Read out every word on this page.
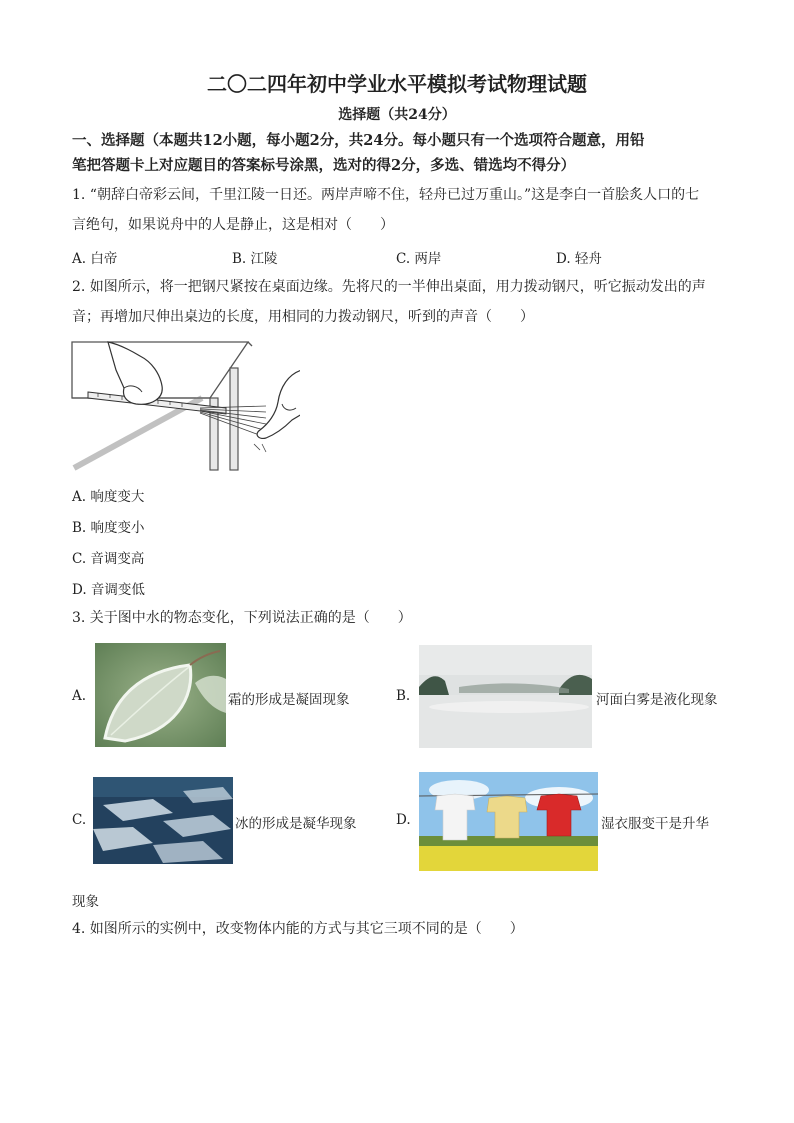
二〇二四年初中学业水平模拟考试物理试题
选择题（共24分）
一、选择题（本题共12小题，每小题2分，共24分。每小题只有一个选项符合题意，用铅
笔把答题卡上对应题目的答案标号涂黑，选对的得2分，多选、错选均不得分）
1. “朝辞白帝彩云间，千里江陵一日还。两岸声啼不住，轻舟已过万重山。”这是李白一首脍炙人口的七
言绝句，如果说舟中的人是静止，这是相对（　　）
A. 白帝	B. 江陵	C. 两岸	D. 轻舟
2. 如图所示，将一把钢尺紧按在桌面边缘。先将尺的一半伸出桌面，用力拨动钢尺，听它振动发出的声
音；再增加尺伸出桌边的长度，用相同的力拨动钢尺，听到的声音（　　）
A. 响度变大
B. 响度变小
C. 音调变高
D. 音调变低
3. 关于图中水的物态变化，下列说法正确的是（　　）
A.	霜的形成是凝固现象	B.	河面白雾是液化现象
C.	冰的形成是凝华现象	D.	湿衣服变干是升华
现象
4. 如图所示的实例中，改变物体内能的方式与其它三项不同的是（　　）
